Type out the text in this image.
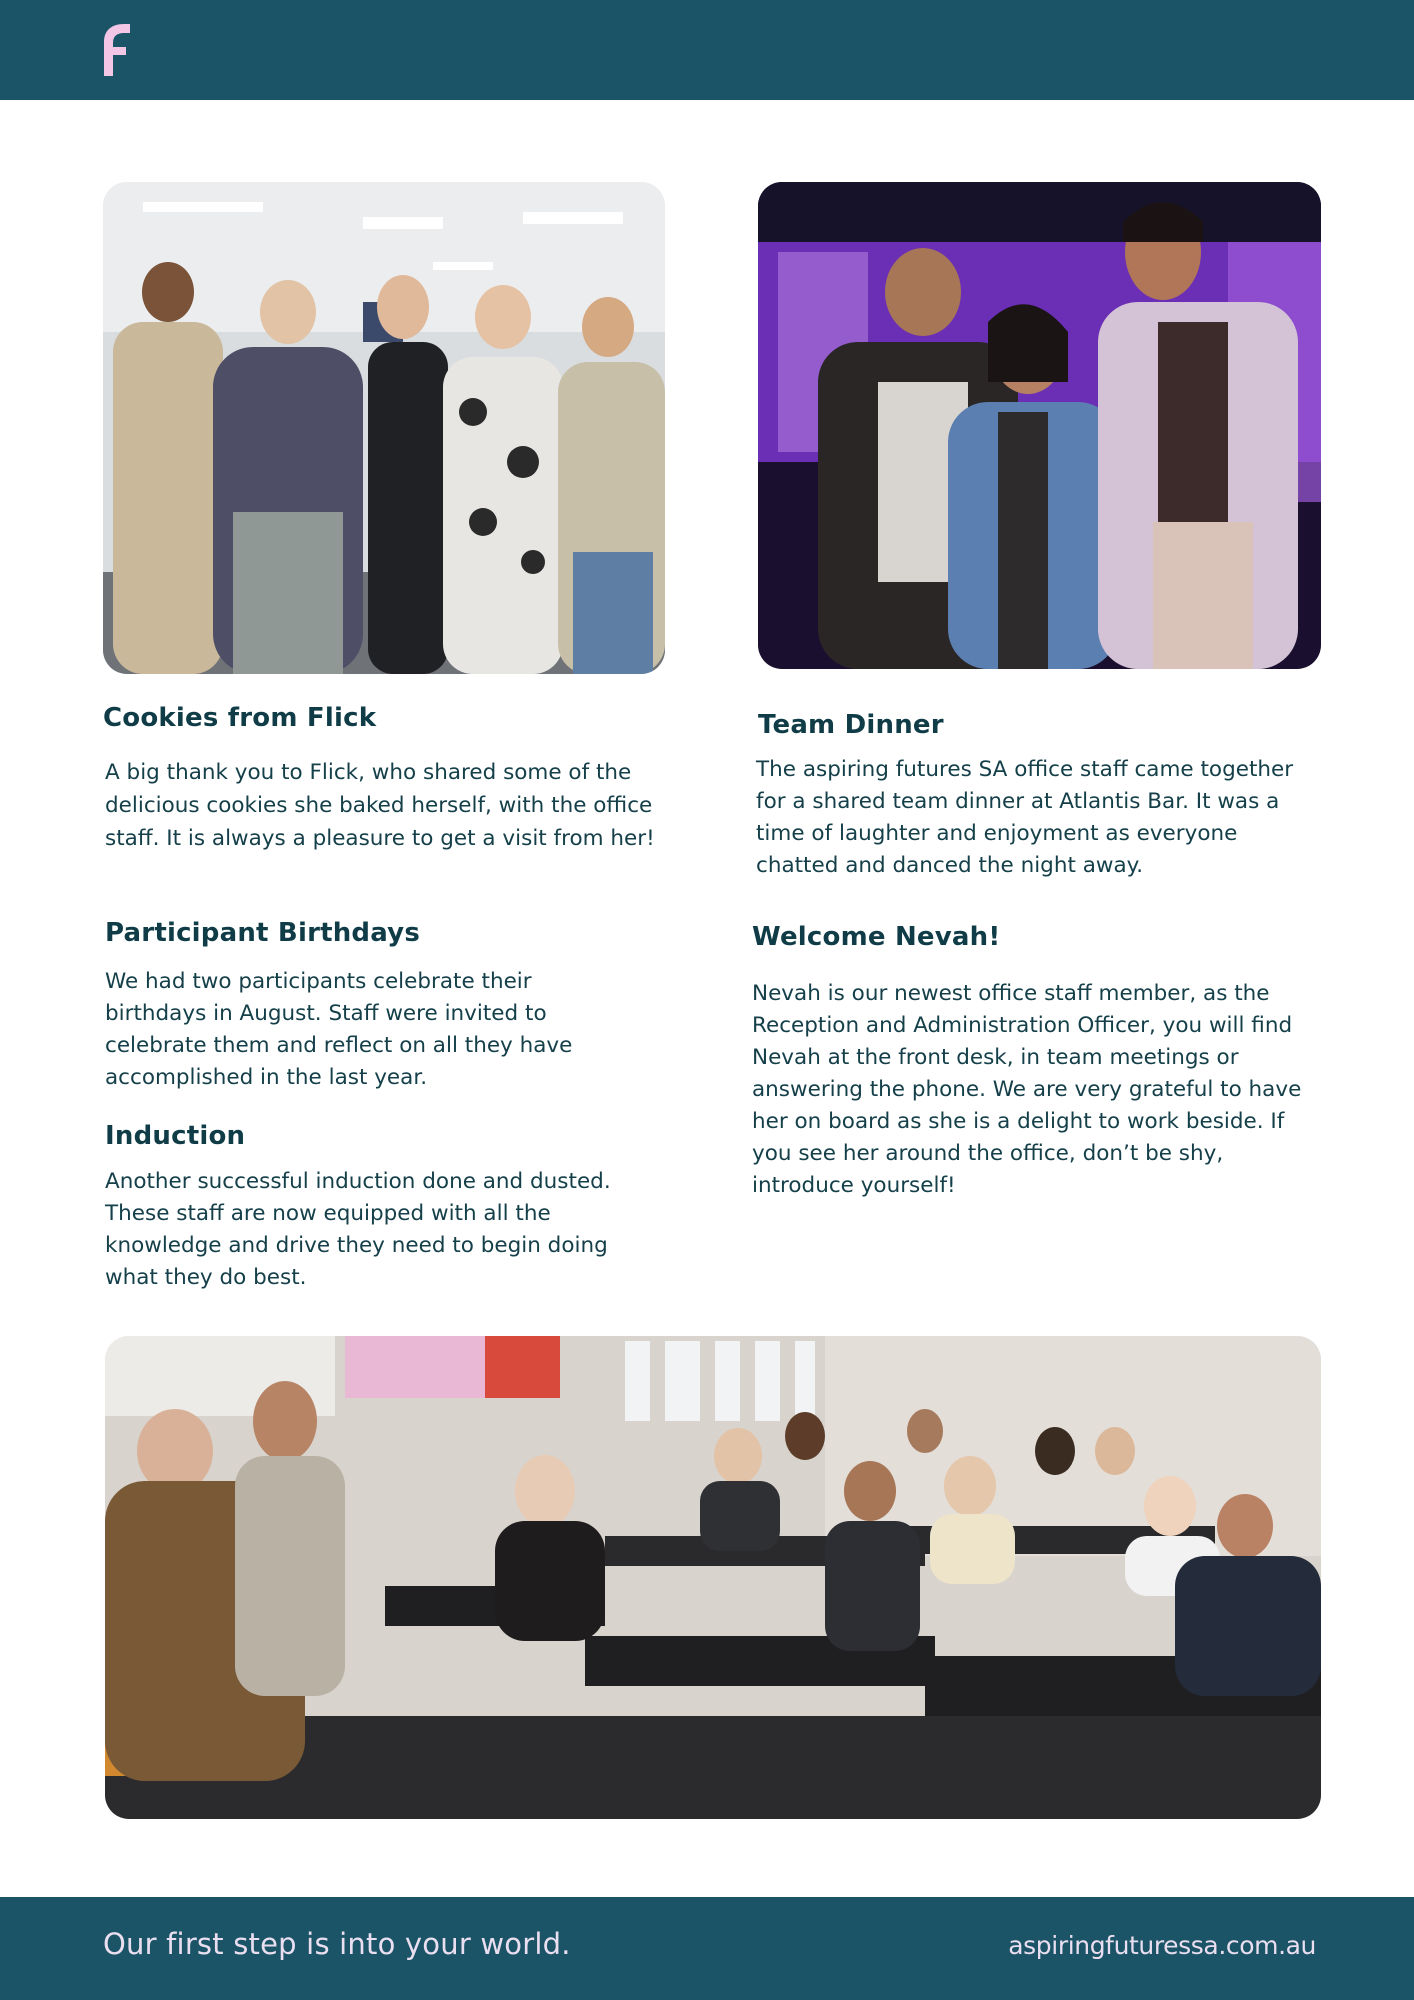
Cookies from Flick

A big thank you to Flick, who shared some of the delicious cookies she baked herself, with the office staff. It is always a pleasure to get a visit from her!

Participant Birthdays

We had two participants celebrate their birthdays in August. Staff were invited to celebrate them and reflect on all they have accomplished in the last year.

Induction

Another successful induction done and dusted. These staff are now equipped with all the knowledge and drive they need to begin doing what they do best.

Team Dinner

The aspiring futures SA office staff came together for a shared team dinner at Atlantis Bar. It was a time of laughter and enjoyment as everyone chatted and danced the night away.

Welcome Nevah!

Nevah is our newest office staff member, as the Reception and Administration Officer, you will find Nevah at the front desk, in team meetings or answering the phone. We are very grateful to have her on board as she is a delight to work beside. If you see her around the office, don’t be shy, introduce yourself!

Our first step is into your world.	aspiringfuturessa.com.au
